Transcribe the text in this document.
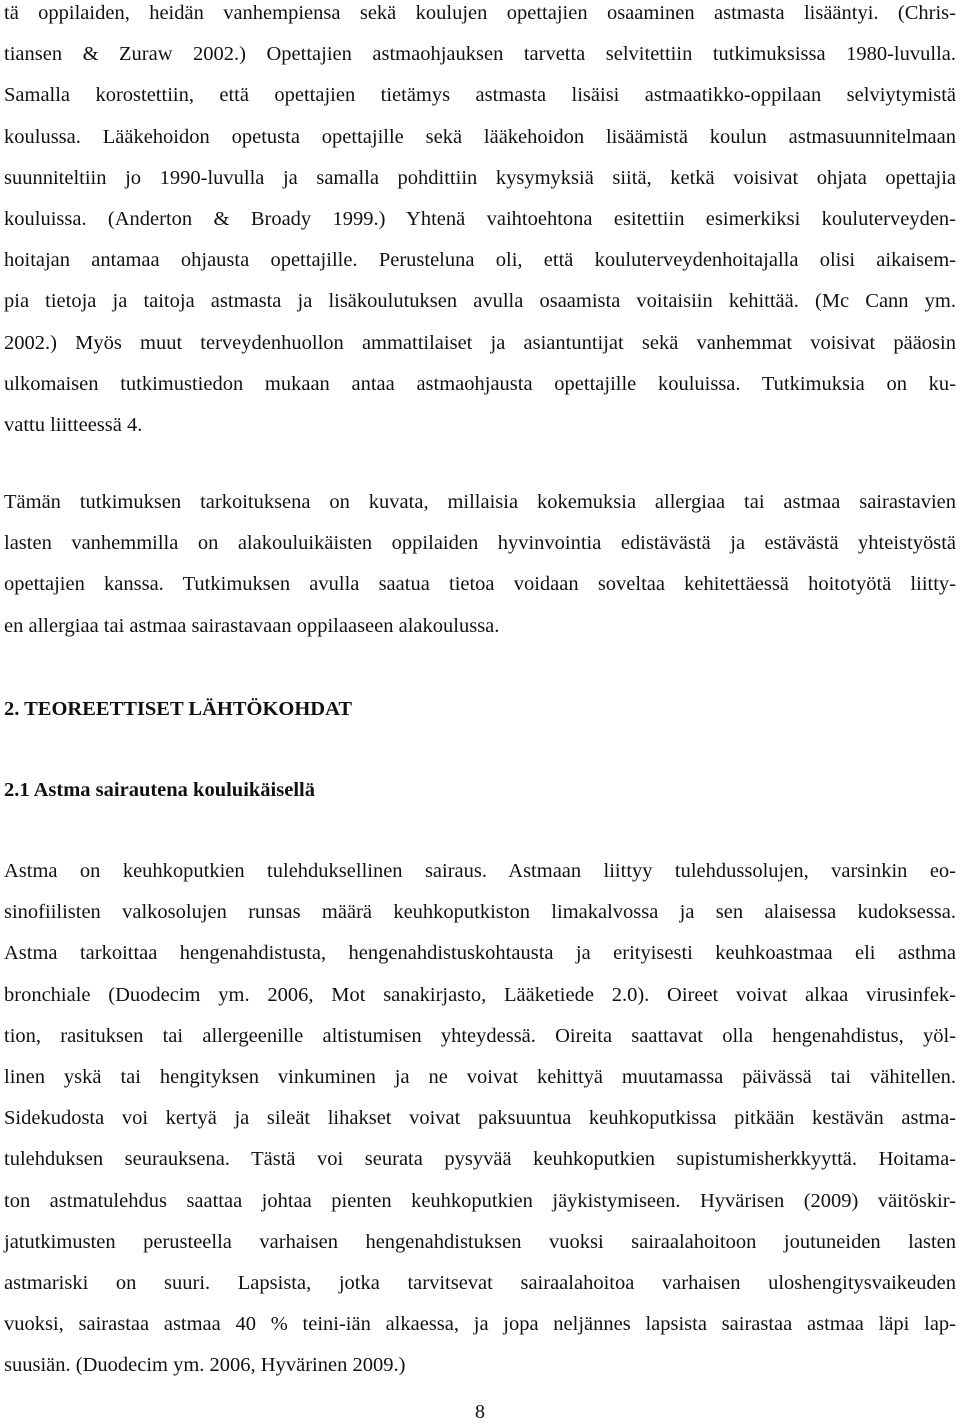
tä oppilaiden, heidän vanhempiensa sekä koulujen opettajien osaaminen astmasta lisääntyi. (Chris-
tiansen & Zuraw 2002.) Opettajien astmaohjauksen tarvetta selvitettiin tutkimuksissa 1980-luvulla.
Samalla korostettiin, että opettajien tietämys astmasta lisäisi astmaatikko-oppilaan selviytymistä
koulussa. Lääkehoidon opetusta opettajille sekä lääkehoidon lisäämistä koulun astmasuunnitelmaan
suunniteltiin jo 1990-luvulla ja samalla pohdittiin kysymyksiä siitä, ketkä voisivat ohjata opettajia
kouluissa. (Anderton & Broady 1999.) Yhtenä vaihtoehtona esitettiin esimerkiksi kouluterveyden-
hoitajan antamaa ohjausta opettajille. Perusteluna oli, että kouluterveydenhoitajalla olisi aikaisem-
pia tietoja ja taitoja astmasta ja lisäkoulutuksen avulla osaamista voitaisiin kehittää. (Mc Cann ym.
2002.) Myös muut terveydenhuollon ammattilaiset ja asiantuntijat sekä vanhemmat voisivat pääosin
ulkomaisen tutkimustiedon mukaan antaa astmaohjausta opettajille kouluissa. Tutkimuksia on ku-
vattu liitteessä 4.
Tämän tutkimuksen tarkoituksena on kuvata, millaisia kokemuksia allergiaa tai astmaa sairastavien
lasten vanhemmilla on alakouluikäisten oppilaiden hyvinvointia edistävästä ja estävästä yhteistyöstä
opettajien kanssa. Tutkimuksen avulla saatua tietoa voidaan soveltaa kehitettäessä hoitotyötä liitty-
en allergiaa tai astmaa sairastavaan oppilaaseen alakoulussa.
2. TEOREETTISET LÄHTÖKOHDAT
2.1 Astma sairautena kouluikäisellä
Astma on keuhkoputkien tulehduksellinen sairaus. Astmaan liittyy tulehdussolujen, varsinkin eo-
sinofiilisten valkosolujen runsas määrä keuhkoputkiston limakalvossa ja sen alaisessa kudoksessa.
Astma tarkoittaa hengenahdistusta, hengenahdistuskohtausta ja erityisesti keuhkoastmaa eli asthma
bronchiale (Duodecim ym. 2006, Mot sanakirjasto, Lääketiede 2.0). Oireet voivat alkaa virusinfek-
tion, rasituksen tai allergeenille altistumisen yhteydessä. Oireita saattavat olla hengenahdistus, yöl-
linen yskä tai hengityksen vinkuminen ja ne voivat kehittyä muutamassa päivässä tai vähitellen.
Sidekudosta voi kertyä ja sileät lihakset voivat paksuuntua keuhkoputkissa pitkään kestävän astma-
tulehduksen seurauksena. Tästä voi seurata pysyvää keuhkoputkien supistumisherkkyyttä. Hoitama-
ton astmatulehdus saattaa johtaa pienten keuhkoputkien jäykistymiseen. Hyvärisen (2009) väitöskir-
jatutkimusten perusteella varhaisen hengenahdistuksen vuoksi sairaalahoitoon joutuneiden lasten
astmariski on suuri. Lapsista, jotka tarvitsevat sairaalahoitoa varhaisen uloshengitysvaikeuden
vuoksi, sairastaa astmaa 40 % teini-iän alkaessa, ja jopa neljännes lapsista sairastaa astmaa läpi lap-
suusiän. (Duodecim ym. 2006, Hyvärinen 2009.)
8
